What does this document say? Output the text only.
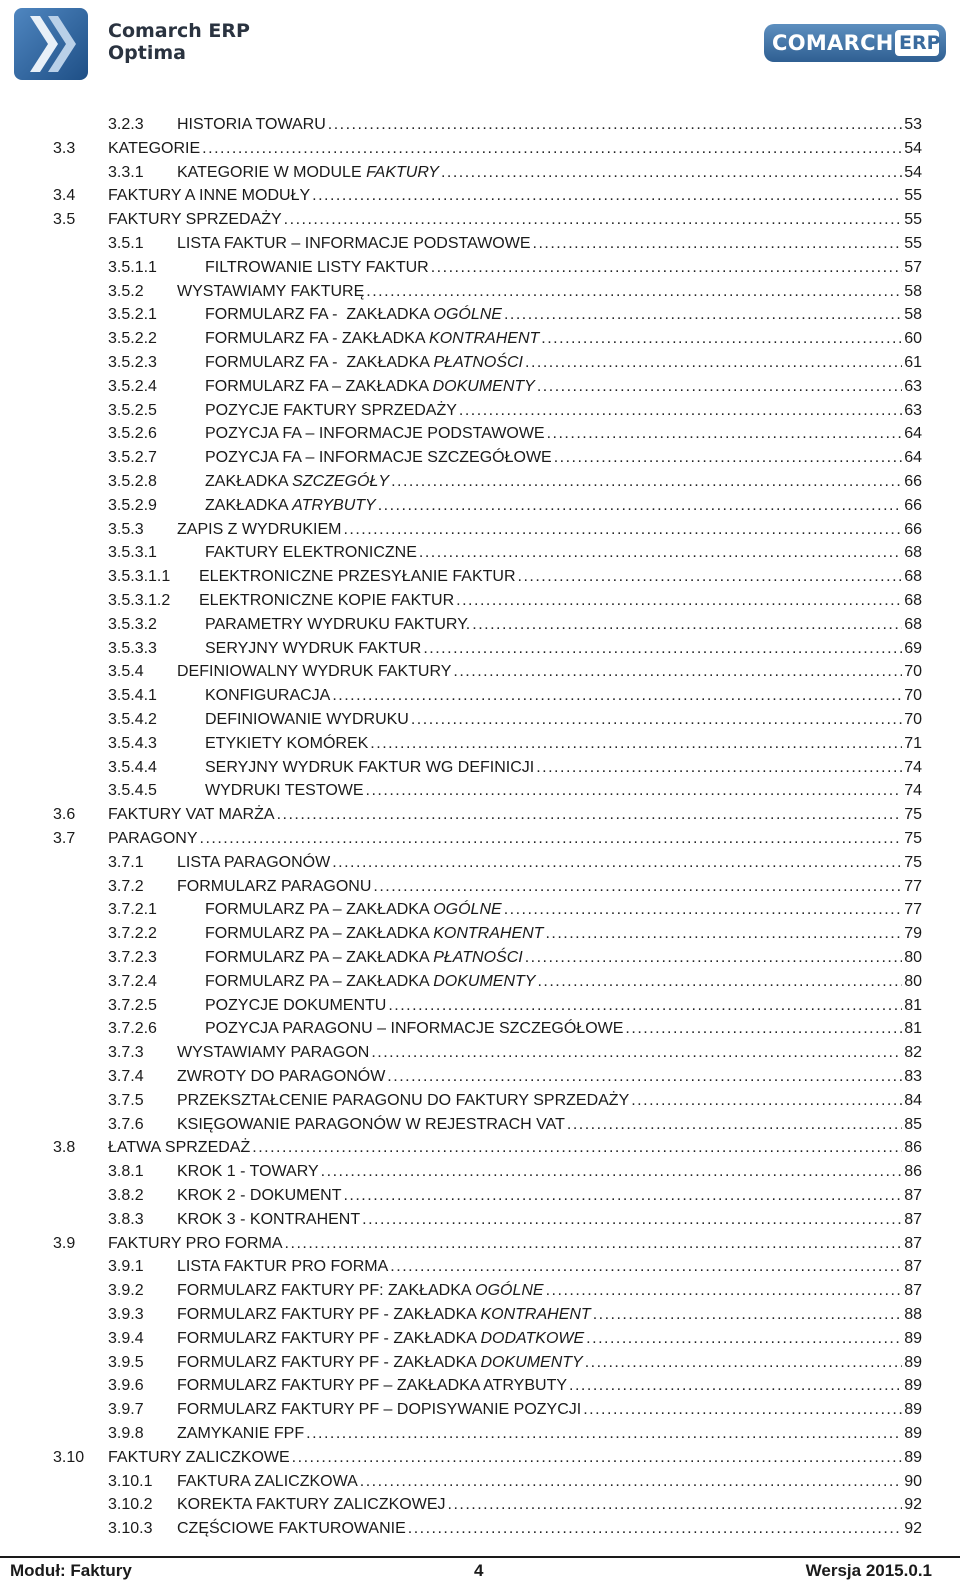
Comarch ERP
Optima	COMARCH ERP
3.2.3	HISTORIA TOWARU .....	53
3.3	KATEGORIE .....	54
3.3.1	KATEGORIE W MODULE FAKTURY .....	54
3.4	FAKTURY A INNE MODUŁY .....	55
3.5	FAKTURY SPRZEDAŻY .....	55
3.5.1	LISTA FAKTUR – INFORMACJE PODSTAWOWE .....	55
3.5.1.1	FILTROWANIE LISTY FAKTUR .....	57
3.5.2	WYSTAWIAMY FAKTURĘ .....	58
3.5.2.1	FORMULARZ FA -  ZAKŁADKA OGÓLNE .....	58
3.5.2.2	FORMULARZ FA - ZAKŁADKA KONTRAHENT .....	60
3.5.2.3	FORMULARZ FA -  ZAKŁADKA PŁATNOŚCI .....	61
3.5.2.4	FORMULARZ FA – ZAKŁADKA DOKUMENTY .....	63
3.5.2.5	POZYCJE FAKTURY SPRZEDAŻY .....	63
3.5.2.6	POZYCJA FA – INFORMACJE PODSTAWOWE .....	64
3.5.2.7	POZYCJA FA – INFORMACJE SZCZEGÓŁOWE .....	64
3.5.2.8	ZAKŁADKA SZCZEGÓŁY .....	66
3.5.2.9	ZAKŁADKA ATRYBUTY .....	66
3.5.3	ZAPIS Z WYDRUKIEM .....	66
3.5.3.1	FAKTURY ELEKTRONICZNE .....	68
3.5.3.1.1	ELEKTRONICZNE PRZESYŁANIE FAKTUR .....	68
3.5.3.1.2	ELEKTRONICZNE KOPIE FAKTUR .....	68
3.5.3.2	PARAMETRY WYDRUKU FAKTURY. .....	68
3.5.3.3	SERYJNY WYDRUK FAKTUR .....	69
3.5.4	DEFINIOWALNY WYDRUK FAKTURY .....	70
3.5.4.1	KONFIGURACJA .....	70
3.5.4.2	DEFINIOWANIE WYDRUKU .....	70
3.5.4.3	ETYKIETY KOMÓREK .....	71
3.5.4.4	SERYJNY WYDRUK FAKTUR WG DEFINICJI .....	74
3.5.4.5	WYDRUKI TESTOWE .....	74
3.6	FAKTURY VAT MARŻA .....	75
3.7	PARAGONY .....	75
3.7.1	LISTA PARAGONÓW .....	75
3.7.2	FORMULARZ PARAGONU .....	77
3.7.2.1	FORMULARZ PA – ZAKŁADKA OGÓLNE .....	77
3.7.2.2	FORMULARZ PA – ZAKŁADKA KONTRAHENT .....	79
3.7.2.3	FORMULARZ PA – ZAKŁADKA PŁATNOŚCI .....	80
3.7.2.4	FORMULARZ PA – ZAKŁADKA DOKUMENTY .....	80
3.7.2.5	POZYCJE DOKUMENTU .....	81
3.7.2.6	POZYCJA PARAGONU – INFORMACJE SZCZEGÓŁOWE .....	81
3.7.3	WYSTAWIAMY PARAGON .....	82
3.7.4	ZWROTY DO PARAGONÓW .....	83
3.7.5	PRZEKSZTAŁCENIE PARAGONU DO FAKTURY SPRZEDAŻY .....	84
3.7.6	KSIĘGOWANIE PARAGONÓW W REJESTRACH VAT .....	85
3.8	ŁATWA SPRZEDAŻ .....	86
3.8.1	KROK 1 - TOWARY .....	86
3.8.2	KROK 2 - DOKUMENT .....	87
3.8.3	KROK 3 - KONTRAHENT .....	87
3.9	FAKTURY PRO FORMA .....	87
3.9.1	LISTA FAKTUR PRO FORMA .....	87
3.9.2	FORMULARZ FAKTURY PF: ZAKŁADKA OGÓLNE .....	87
3.9.3	FORMULARZ FAKTURY PF - ZAKŁADKA KONTRAHENT .....	88
3.9.4	FORMULARZ FAKTURY PF - ZAKŁADKA DODATKOWE .....	89
3.9.5	FORMULARZ FAKTURY PF - ZAKŁADKA DOKUMENTY .....	89
3.9.6	FORMULARZ FAKTURY PF – ZAKŁADKA ATRYBUTY .....	89
3.9.7	FORMULARZ FAKTURY PF – DOPISYWANIE POZYCJI .....	89
3.9.8	ZAMYKANIE FPF .....	89
3.10	FAKTURY ZALICZKOWE .....	89
3.10.1	FAKTURA ZALICZKOWA .....	90
3.10.2	KOREKTA FAKTURY ZALICZKOWEJ .....	92
3.10.3	CZĘŚCIOWE FAKTUROWANIE .....	92
Moduł: Faktury	4	Wersja 2015.0.1
